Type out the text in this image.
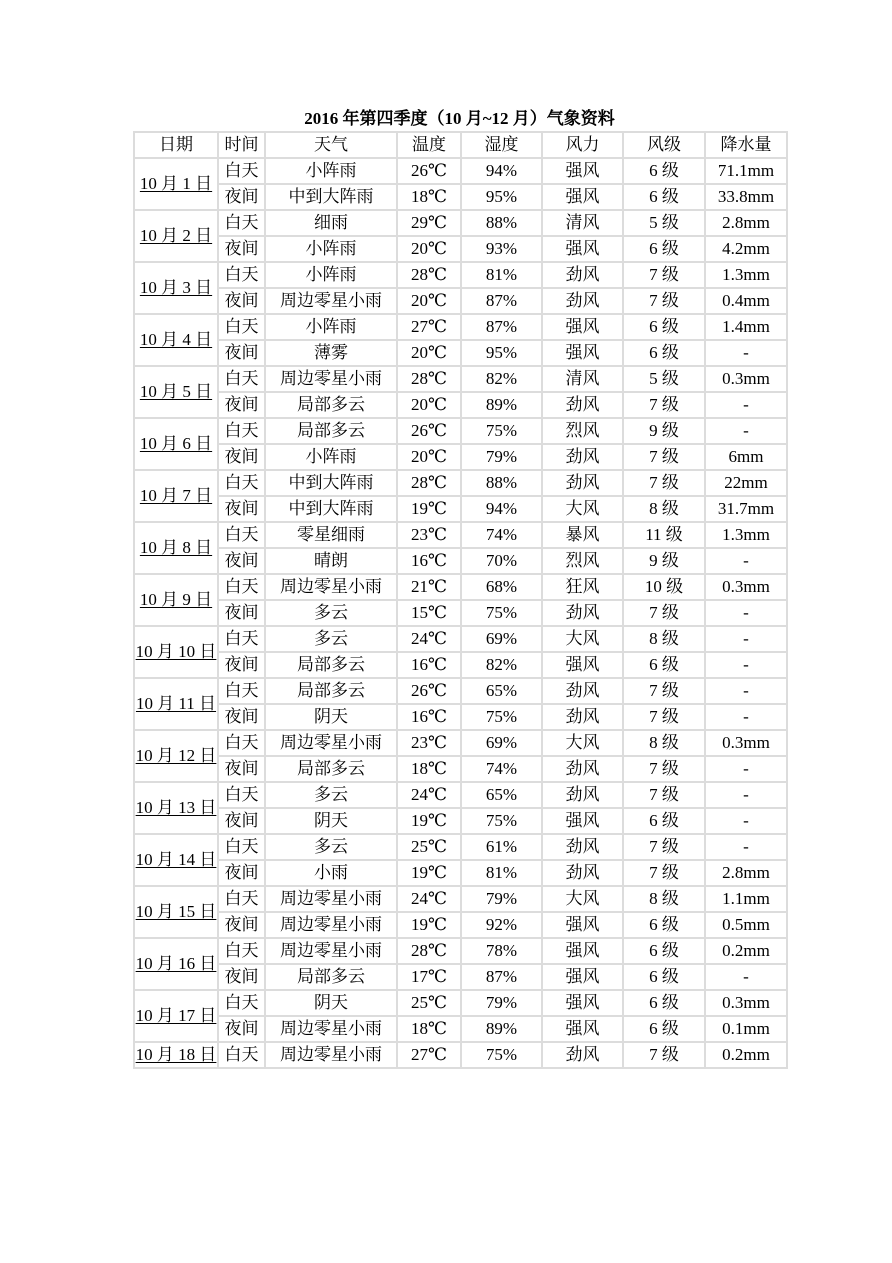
2016 年第四季度（10 月~12 月）气象资料
日期	时间	天气	温度	湿度	风力	风级	降水量
10 月 1 日	白天	小阵雨	26℃	94%	强风	6 级	71.1mm
	夜间	中到大阵雨	18℃	95%	强风	6 级	33.8mm
10 月 2 日	白天	细雨	29℃	88%	清风	5 级	2.8mm
	夜间	小阵雨	20℃	93%	强风	6 级	4.2mm
10 月 3 日	白天	小阵雨	28℃	81%	劲风	7 级	1.3mm
	夜间	周边零星小雨	20℃	87%	劲风	7 级	0.4mm
10 月 4 日	白天	小阵雨	27℃	87%	强风	6 级	1.4mm
	夜间	薄雾	20℃	95%	强风	6 级	-
10 月 5 日	白天	周边零星小雨	28℃	82%	清风	5 级	0.3mm
	夜间	局部多云	20℃	89%	劲风	7 级	-
10 月 6 日	白天	局部多云	26℃	75%	烈风	9 级	-
	夜间	小阵雨	20℃	79%	劲风	7 级	6mm
10 月 7 日	白天	中到大阵雨	28℃	88%	劲风	7 级	22mm
	夜间	中到大阵雨	19℃	94%	大风	8 级	31.7mm
10 月 8 日	白天	零星细雨	23℃	74%	暴风	11 级	1.3mm
	夜间	晴朗	16℃	70%	烈风	9 级	-
10 月 9 日	白天	周边零星小雨	21℃	68%	狂风	10 级	0.3mm
	夜间	多云	15℃	75%	劲风	7 级	-
10 月 10 日	白天	多云	24℃	69%	大风	8 级	-
	夜间	局部多云	16℃	82%	强风	6 级	-
10 月 11 日	白天	局部多云	26℃	65%	劲风	7 级	-
	夜间	阴天	16℃	75%	劲风	7 级	-
10 月 12 日	白天	周边零星小雨	23℃	69%	大风	8 级	0.3mm
	夜间	局部多云	18℃	74%	劲风	7 级	-
10 月 13 日	白天	多云	24℃	65%	劲风	7 级	-
	夜间	阴天	19℃	75%	强风	6 级	-
10 月 14 日	白天	多云	25℃	61%	劲风	7 级	-
	夜间	小雨	19℃	81%	劲风	7 级	2.8mm
10 月 15 日	白天	周边零星小雨	24℃	79%	大风	8 级	1.1mm
	夜间	周边零星小雨	19℃	92%	强风	6 级	0.5mm
10 月 16 日	白天	周边零星小雨	28℃	78%	强风	6 级	0.2mm
	夜间	局部多云	17℃	87%	强风	6 级	-
10 月 17 日	白天	阴天	25℃	79%	强风	6 级	0.3mm
	夜间	周边零星小雨	18℃	89%	强风	6 级	0.1mm
10 月 18 日	白天	周边零星小雨	27℃	75%	劲风	7 级	0.2mm
